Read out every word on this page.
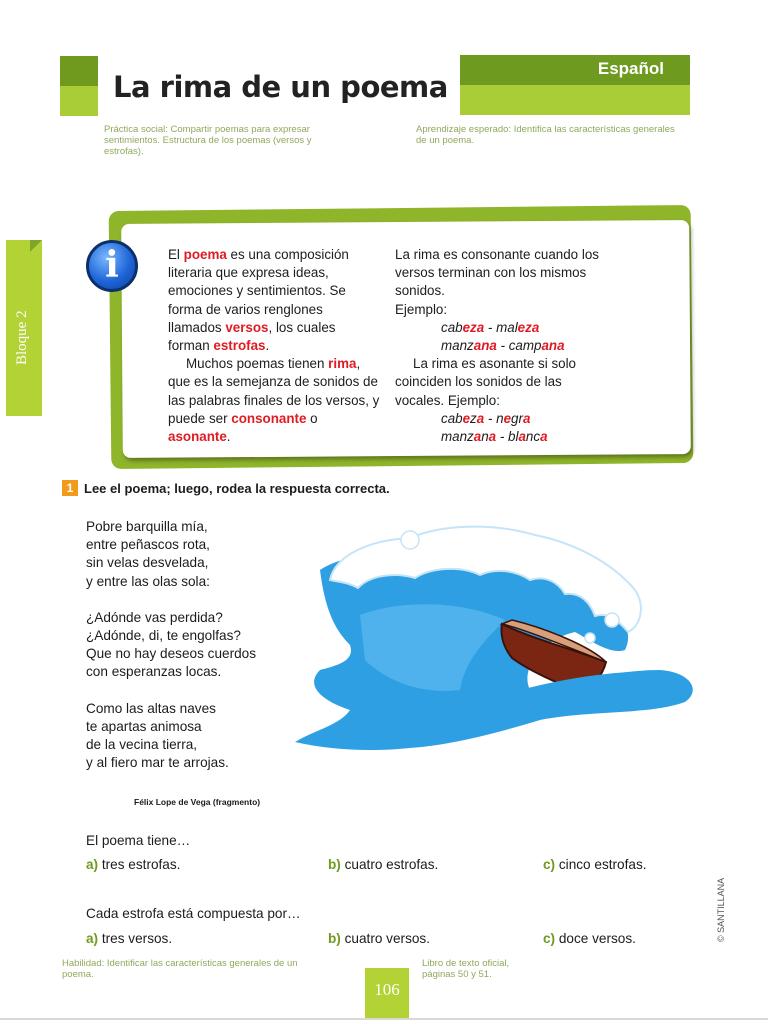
La rima de un poema
Español
Práctica social: Compartir poemas para expresar sentimientos. Estructura de los poemas (versos y estrofas).
Aprendizaje esperado: Identifica las características generales de un poema.
Bloque 2
i	El poema es una composición literaria que expresa ideas, emociones y sentimientos. Se forma de varios renglones llamados versos, los cuales forman estrofas.

Muchos poemas tienen rima, que es la semejanza de sonidos de las palabras finales de los versos, y puede ser consonante o asonante.

La rima es consonante cuando los versos terminan con los mismos sonidos.

Ejemplo:

cabeza - maleza

manzana - campana

La rima es asonante si solo coinciden los sonidos de las vocales. Ejemplo:

cabeza - negra

manzana - blanca

1 Lee el poema; luego, rodea la respuesta correcta.
Pobre barquilla mía,
entre peñascos rota,
sin velas desvelada,
y entre las olas sola:
¿Adónde vas perdida?
¿Adónde, di, te engolfas?
Que no hay deseos cuerdos
con esperanzas locas.
Como las altas naves
te apartas animosa
de la vecina tierra,
y al fiero mar te arrojas.
Félix Lope de Vega (fragmento)
El poema tiene…
a) tres estrofas.	b) cuatro estrofas.	c) cinco estrofas.
Cada estrofa está compuesta por…
a) tres versos.	b) cuatro versos.	c) doce versos.	© SANTILLANA
Habilidad: Identificar las características generales de un poema.
Libro de texto oficial, páginas 50 y 51.
106
